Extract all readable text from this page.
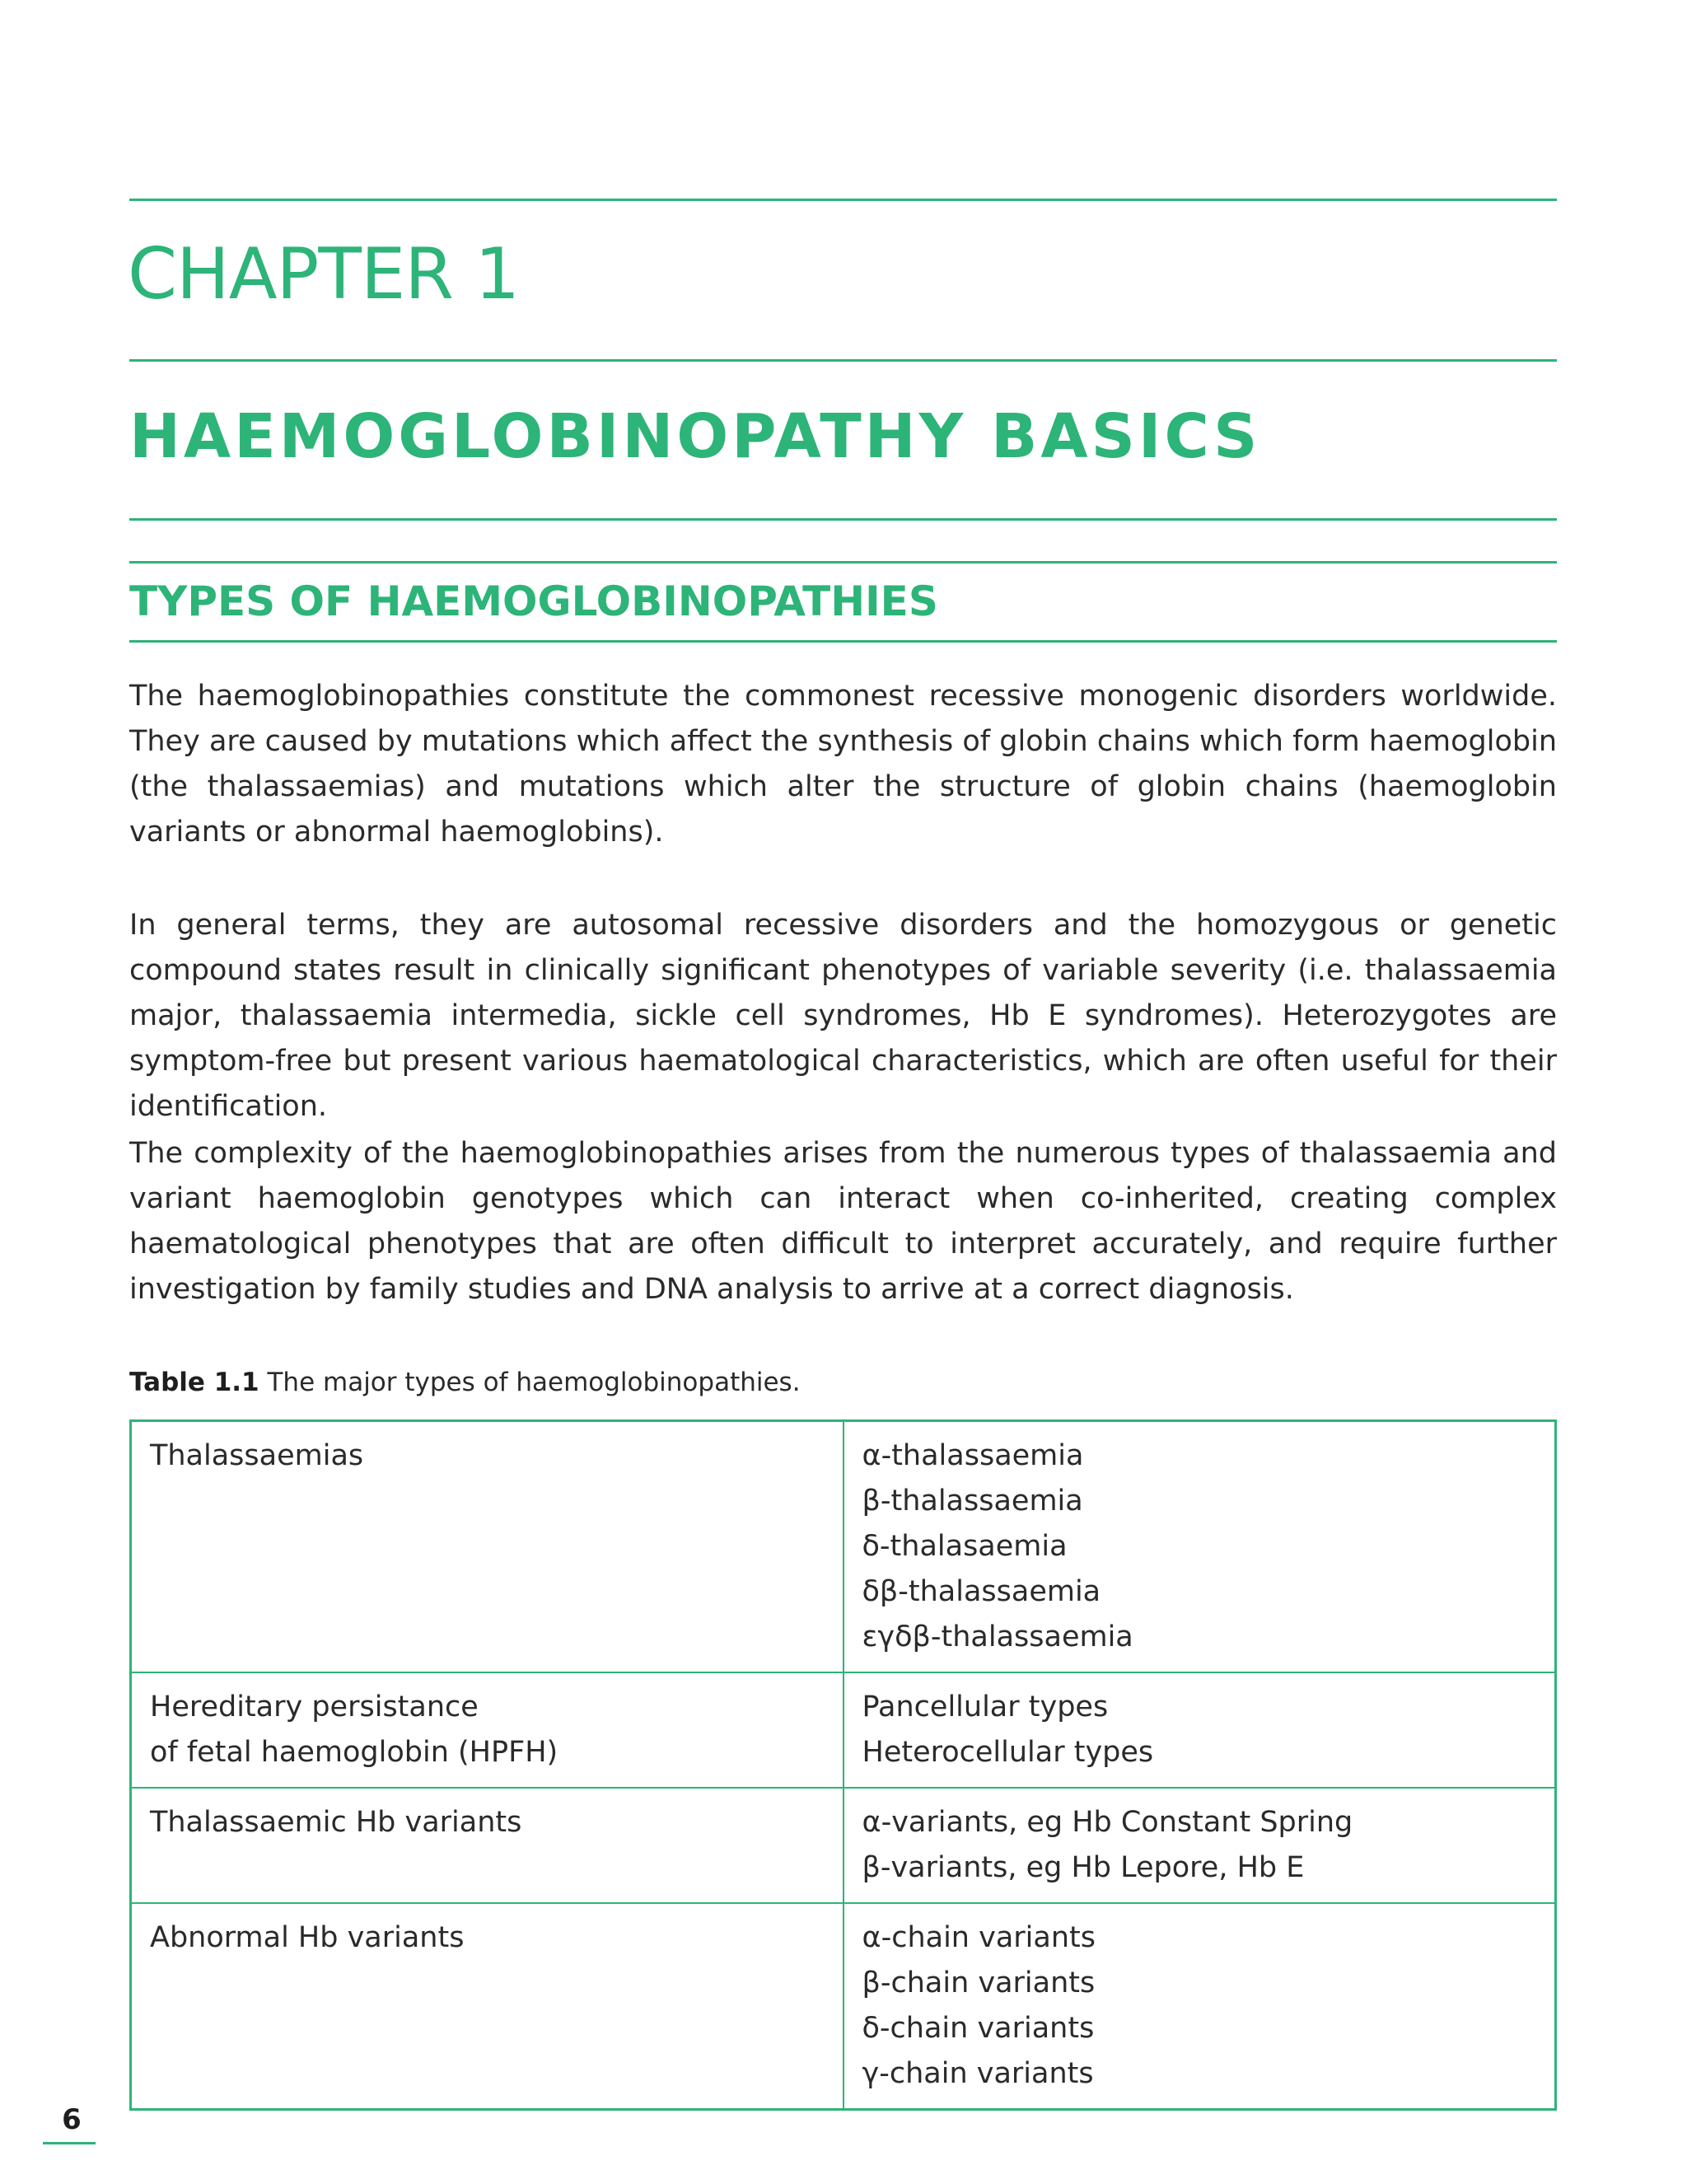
CHAPTER 1
HAEMOGLOBINOPATHY BASICS
TYPES OF HAEMOGLOBINOPATHIES

The haemoglobinopathies constitute the commonest recessive monogenic disorders worldwide. They are caused by mutations which affect the synthesis of globin chains which form haemoglobin (the thalassaemias) and mutations which alter the structure of globin chains (haemoglobin variants or abnormal haemoglobins).

In general terms, they are autosomal recessive disorders and the homozygous or genetic compound states result in clinically significant phenotypes of variable severity (i.e. thalassaemia major, thalassaemia intermedia, sickle cell syndromes, Hb E syndromes). Heterozygotes are symptom-free but present various haematological characteristics, which are often useful for their identification.

The complexity of the haemoglobinopathies arises from the numerous types of thalassaemia and variant haemoglobin genotypes which can interact when co-inherited, creating complex haematological phenotypes that are often difficult to interpret accurately, and require further investigation by family studies and DNA analysis to arrive at a correct diagnosis.

Table 1.1 The major types of haemoglobinopathies.
Thalassaemias	α-thalassaemia
β-thalassaemia
δ-thalasaemia
δβ-thalassaemia
εγδβ-thalassaemia

Hereditary persistance
of fetal haemoglobin (HPFH)	Pancellular types
Heterocellular types

Thalassaemic Hb variants	α-variants, eg Hb Constant Spring
β-variants, eg Hb Lepore, Hb E

Abnormal Hb variants	α-chain variants
β-chain variants
δ-chain variants
γ-chain variants
6
